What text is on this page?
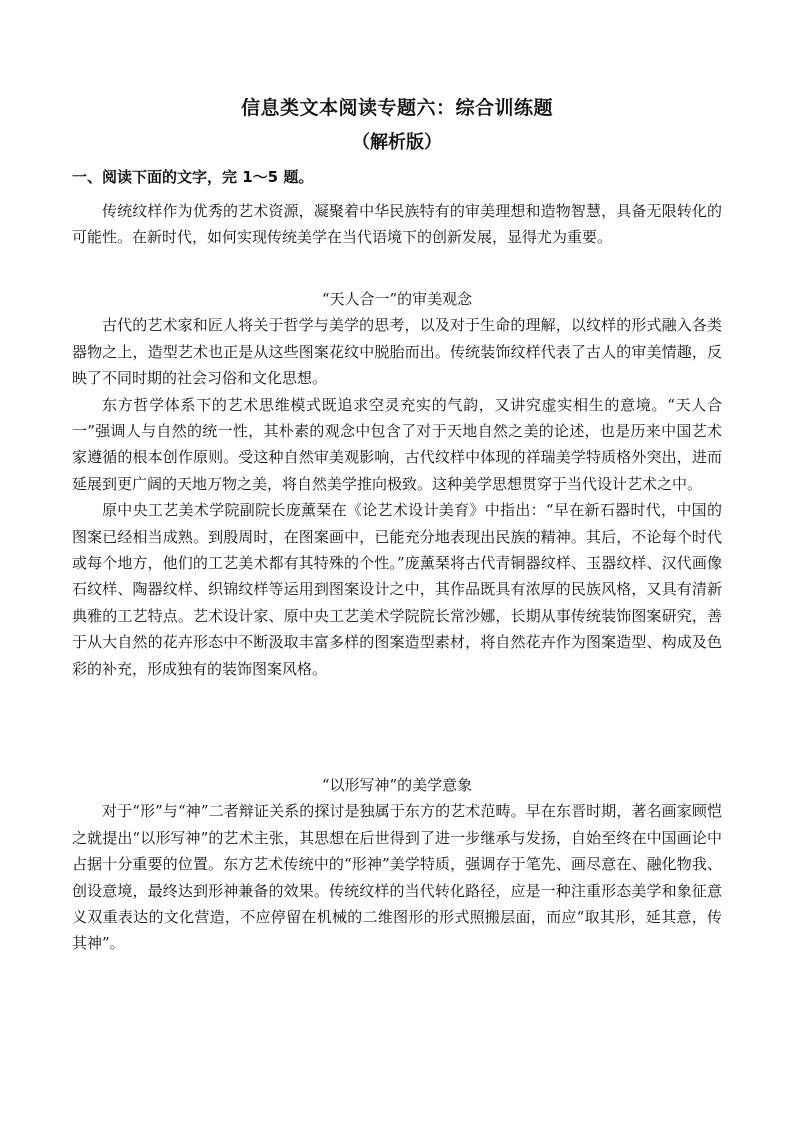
信息类文本阅读专题六：综合训练题
（解析版）
一、阅读下面的文字，完 1～5 题。

传统纹样作为优秀的艺术资源，凝聚着中华民族特有的审美理想和造物智慧，具备无限转化的可能性。在新时代，如何实现传统美学在当代语境下的创新发展，显得尤为重要。

“天人合一”的审美观念

古代的艺术家和匠人将关于哲学与美学的思考，以及对于生命的理解，以纹样的形式融入各类器物之上，造型艺术也正是从这些图案花纹中脱胎而出。传统装饰纹样代表了古人的审美情趣，反映了不同时期的社会习俗和文化思想。

东方哲学体系下的艺术思维模式既追求空灵充实的气韵，又讲究虚实相生的意境。“天人合一”强调人与自然的统一性，其朴素的观念中包含了对于天地自然之美的论述，也是历来中国艺术家遵循的根本创作原则。受这种自然审美观影响，古代纹样中体现的祥瑞美学特质格外突出，进而延展到更广阔的天地万物之美，将自然美学推向极致。这种美学思想贯穿于当代设计艺术之中。

原中央工艺美术学院副院长庞薰琹在《论艺术设计美育》中指出：“早在新石器时代，中国的图案已经相当成熟。到殷周时，在图案画中，已能充分地表现出民族的精神。其后，不论每个时代或每个地方，他们的工艺美术都有其特殊的个性。”庞薰琹将古代青铜器纹样、玉器纹样、汉代画像石纹样、陶器纹样、织锦纹样等运用到图案设计之中，其作品既具有浓厚的民族风格，又具有清新典雅的工艺特点。艺术设计家、原中央工艺美术学院院长常沙娜，长期从事传统装饰图案研究，善于从大自然的花卉形态中不断汲取丰富多样的图案造型素材，将自然花卉作为图案造型、构成及色彩的补充，形成独有的装饰图案风格。

“以形写神”的美学意象

对于“形”与“神”二者辩证关系的探讨是独属于东方的艺术范畴。早在东晋时期，著名画家顾恺之就提出“以形写神”的艺术主张，其思想在后世得到了进一步继承与发扬，自始至终在中国画论中占据十分重要的位置。东方艺术传统中的“形神”美学特质，强调存于笔先、画尽意在、融化物我、创设意境，最终达到形神兼备的效果。传统纹样的当代转化路径，应是一种注重形态美学和象征意义双重表达的文化营造，不应停留在机械的二维图形的形式照搬层面，而应“取其形，延其意，传其神”。
